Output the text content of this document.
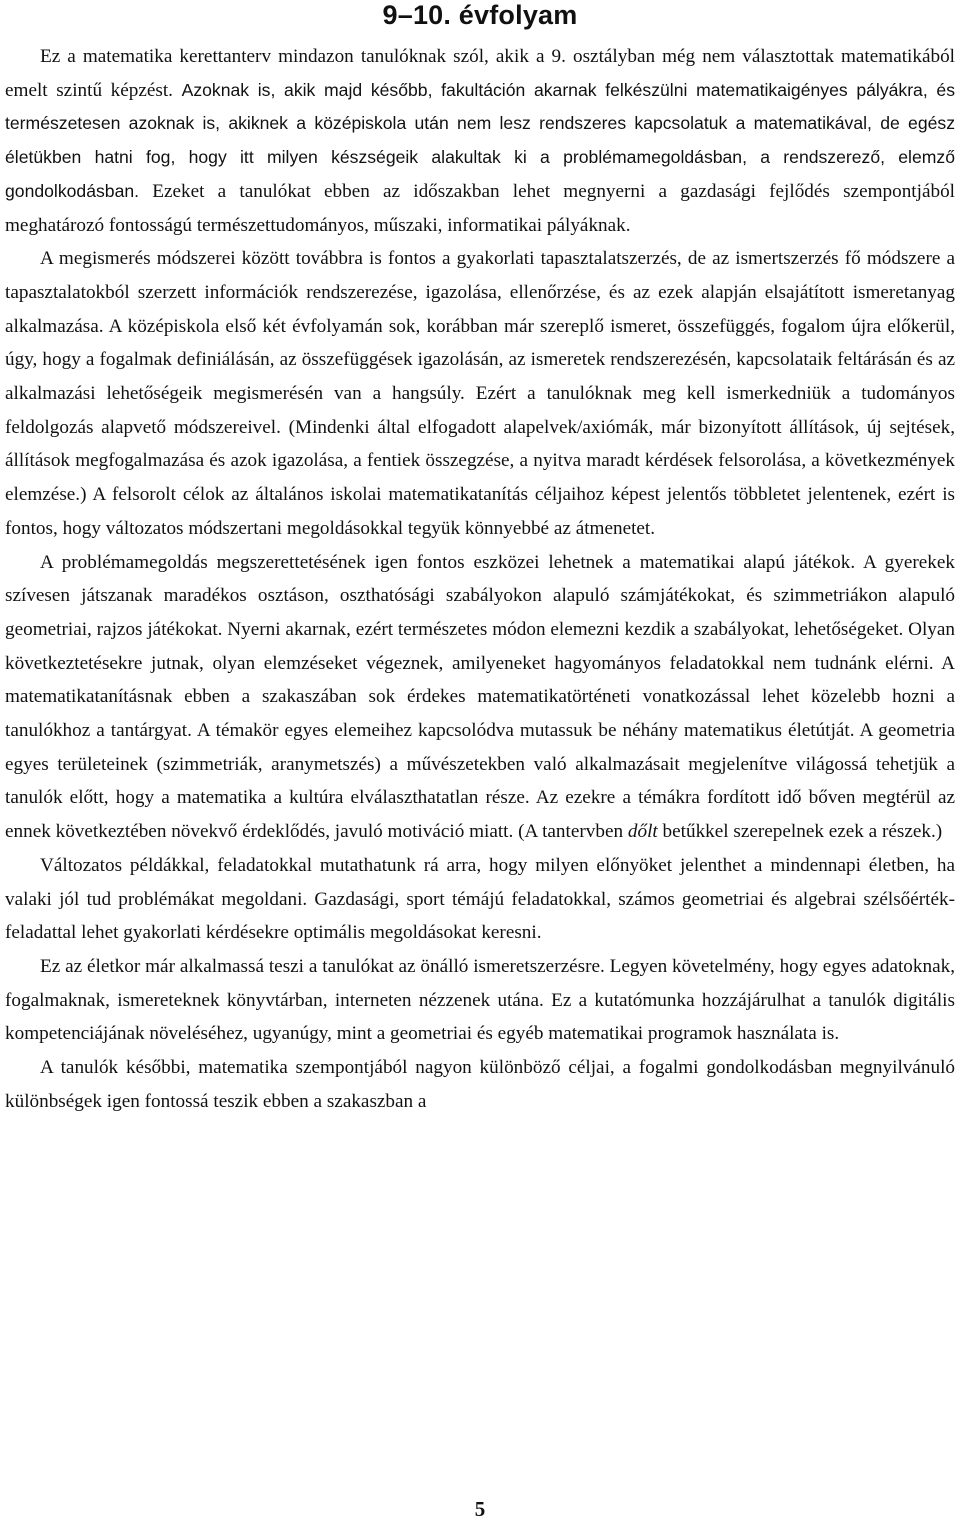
9–10. évfolyam

Ez a matematika kerettanterv mindazon tanulóknak szól, akik a 9. osztályban még nem választottak matematikából emelt szintű képzést. Azoknak is, akik majd később, fakultáción akarnak felkészülni matematikaigényes pályákra, és természetesen azoknak is, akiknek a középiskola után nem lesz rendszeres kapcsolatuk a matematikával, de egész életükben hatni fog, hogy itt milyen készségeik alakultak ki a problémamegoldásban, a rendszerező, elemző gondolkodásban. Ezeket a tanulókat ebben az időszakban lehet megnyerni a gazdasági fejlődés szempontjából meghatározó fontosságú természettudományos, műszaki, informatikai pályáknak.

A megismerés módszerei között továbbra is fontos a gyakorlati tapasztalatszerzés, de az ismertszerzés fő módszere a tapasztalatokból szerzett információk rendszerezése, igazolása, ellenőrzése, és az ezek alapján elsajátított ismeretanyag alkalmazása. A középiskola első két évfolyamán sok, korábban már szereplő ismeret, összefüggés, fogalom újra előkerül, úgy, hogy a fogalmak definiálásán, az összefüggések igazolásán, az ismeretek rendszerezésén, kapcsolataik feltárásán és az alkalmazási lehetőségeik megismerésén van a hangsúly. Ezért a tanulóknak meg kell ismerkedniük a tudományos feldolgozás alapvető módszereivel. (Mindenki által elfogadott alapelvek/axiómák, már bizonyított állítások, új sejtések, állítások megfogalmazása és azok igazolása, a fentiek összegzése, a nyitva maradt kérdések felsorolása, a következmények elemzése.) A felsorolt célok az általános iskolai matematikatanítás céljaihoz képest jelentős többletet jelentenek, ezért is fontos, hogy változatos módszertani megoldásokkal tegyük könnyebbé az átmenetet.

A problémamegoldás megszerettetésének igen fontos eszközei lehetnek a matematikai alapú játékok. A gyerekek szívesen játszanak maradékos osztáson, oszthatósági szabályokon alapuló számjátékokat, és szimmetriákon alapuló geometriai, rajzos játékokat. Nyerni akarnak, ezért természetes módon elemezni kezdik a szabályokat, lehetőségeket. Olyan következtetésekre jutnak, olyan elemzéseket végeznek, amilyeneket hagyományos feladatokkal nem tudnánk elérni. A matematikatanításnak ebben a szakaszában sok érdekes matematikatörténeti vonatkozással lehet közelebb hozni a tanulókhoz a tantárgyat. A témakör egyes elemeihez kapcsolódva mutassuk be néhány matematikus életútját. A geometria egyes területeinek (szimmetriák, aranymetszés) a művészetekben való alkalmazásait megjelenítve világossá tehetjük a tanulók előtt, hogy a matematika a kultúra elválaszthatatlan része. Az ezekre a témákra fordított idő bőven megtérül az ennek következtében növekvő érdeklődés, javuló motiváció miatt. (A tantervben dőlt betűkkel szerepelnek ezek a részek.)

Változatos példákkal, feladatokkal mutathatunk rá arra, hogy milyen előnyöket jelenthet a mindennapi életben, ha valaki jól tud problémákat megoldani. Gazdasági, sport témájú feladatokkal, számos geometriai és algebrai szélsőérték-feladattal lehet gyakorlati kérdésekre optimális megoldásokat keresni.

Ez az életkor már alkalmassá teszi a tanulókat az önálló ismeretszerzésre. Legyen követelmény, hogy egyes adatoknak, fogalmaknak, ismereteknek könyvtárban, interneten nézzenek utána. Ez a kutatómunka hozzájárulhat a tanulók digitális kompetenciájának növeléséhez, ugyanúgy, mint a geometriai és egyéb matematikai programok használata is.

A tanulók későbbi, matematika szempontjából nagyon különböző céljai, a fogalmi gondolkodásban megnyilvánuló különbségek igen fontossá teszik ebben a szakaszban a

5
